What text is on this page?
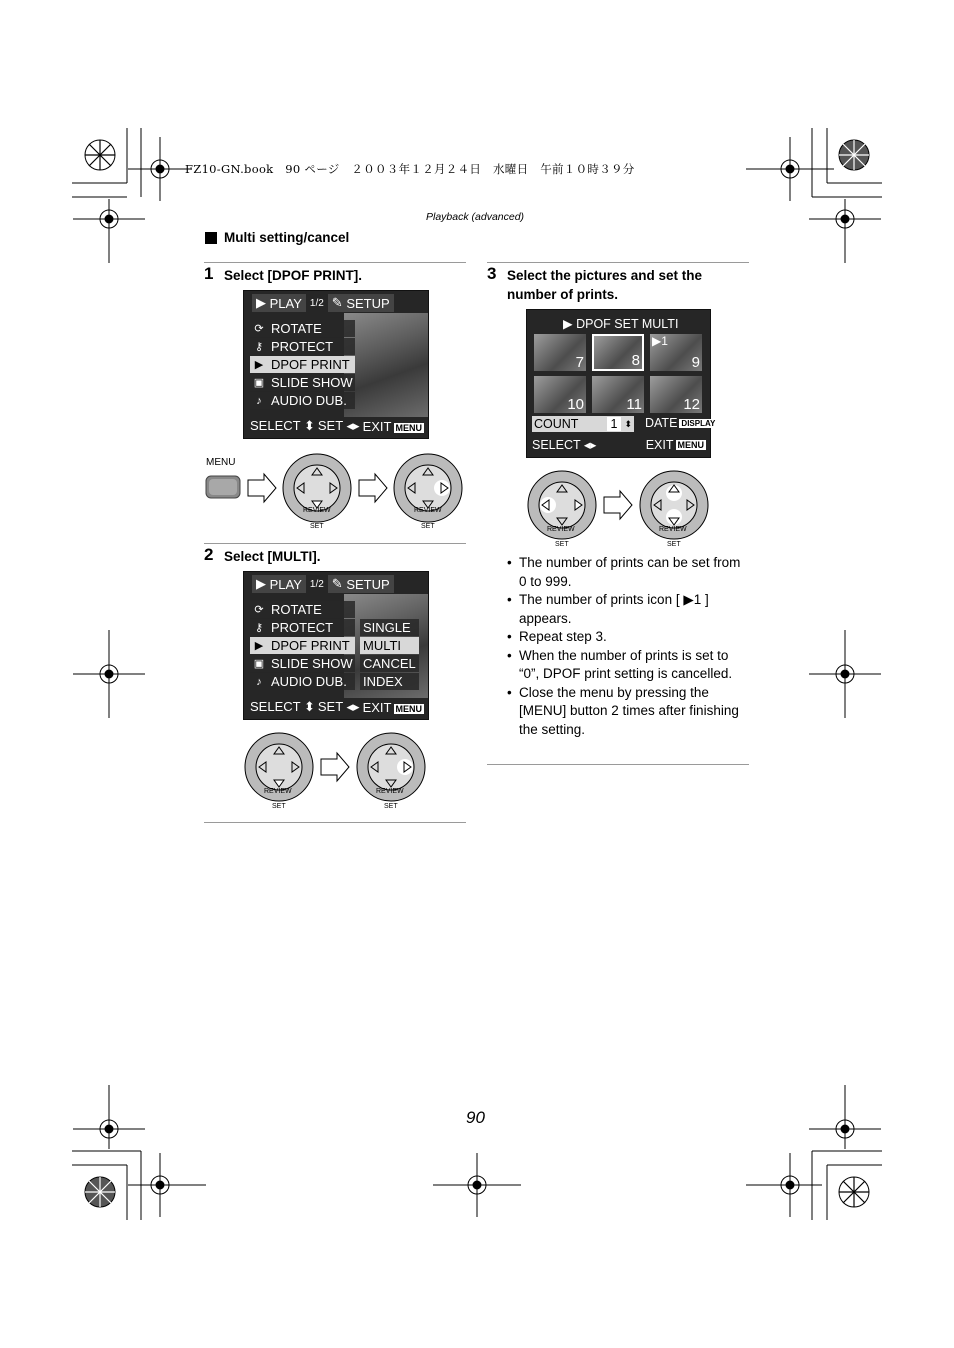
FZ10-GN.book　90 ページ　２００３年１２月２４日　水曜日　午前１０時３９分
Playback (advanced)
Multi setting/cancel
1 Select [DPOF PRINT].
2 Select [MULTI].
3 Select the pictures and set the number of prints.
▶ PLAY 1/2 ✎ SETUP
⟳ ROTATE
⚷ PROTECT
▶ DPOF PRINT
▣ SLIDE SHOW
♪ AUDIO DUB.
SELECT ⬍ SET ◂▸ EXIT MENU
MENU
REVIEW
SET
REVIEW
SET
▶ PLAY 1/2 ✎ SETUP
⟳ ROTATE
⚷ PROTECT
▶ DPOF PRINT
▣ SLIDE SHOW
♪ AUDIO DUB.
SINGLE
MULTI
CANCEL
INDEX
SELECT ⬍ SET ◂▸ EXIT MENU
REVIEW
SET
REVIEW
SET
▶ DPOF SET MULTI
7	8
▶1
9
10	11	12
COUNT	1 ⬍ DATE DISPLAY
SELECT ◂▸	EXIT MENU
REVIEW
SET
REVIEW
SET
• The number of prints can be set from 0 to 999.
• The number of prints icon [ ▶1 ] appears.
• Repeat step 3.
• When the number of prints is set to “0”, DPOF print setting is cancelled.
• Close the menu by pressing the [MENU] button 2 times after finishing the setting.
90
